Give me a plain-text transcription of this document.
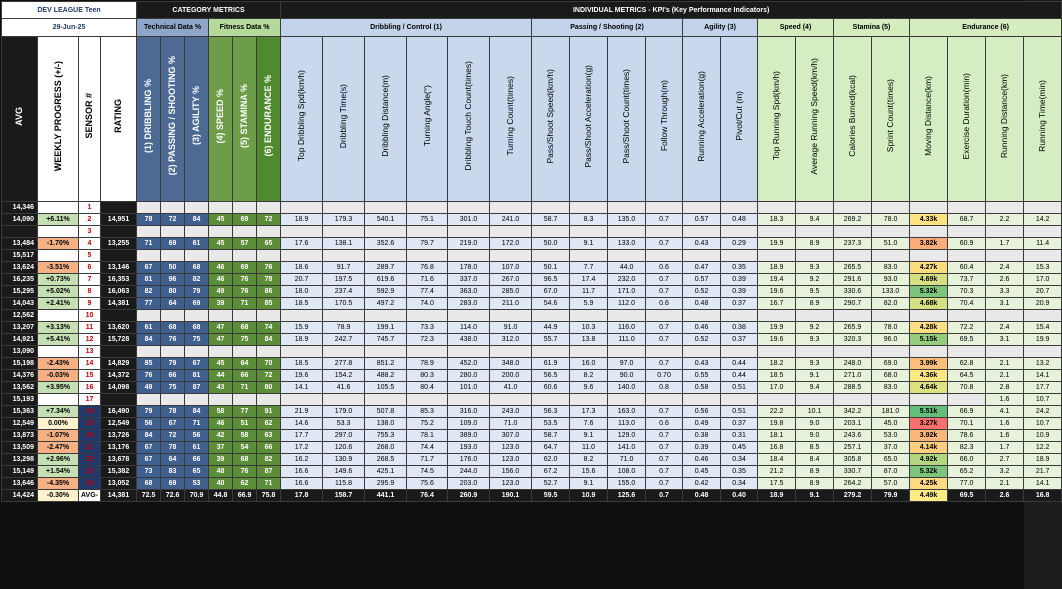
DEV LEAGUE Teen				CATEGORY METRICS						INDIVIDUAL METRICS - KPI's (Key Performance Indicators)																			
29-Jun-25				Technical Data %			Fitness Data %			Dribbling / Control (1)						Passing / Shooting (2)				Agility (3)		Speed (4)		Stamina (5)		Endurance (6)			
AVG	WEEKLY PROGRESS (+/-)	SENSOR #	RATING	(1) DRIBBLING %	(2) PASSING / SHOOTING %	(3) AGILITY %	(4) SPEED %	(5) STAMINA %	(6) ENDURANCE %	Top Dribbling Spd(km/h)	Dribbling Time(s)	Dribbling Distance(m)	Turning Angle(°)	Dribbling Touch Count(times)	Turning Count(times)	Pass/Shoot Speed(km/h)	Pass/Shoot Acceleration(g)	Pass/Shoot Count(times)	Follow Through(m)	Running Acceleration(g)	Pivot/Cut (m)	Top Running Spd(km/h)	Average Running Speed(km/h)	Calories Burned(kcal)	Sprint Count(times)	Moving Distance(km)	Exercise Duration(min)	Running Distance(km)	Running Time(min)
14,346		1																											
14,090	+6.11%	2	14,951	78	72	84	45	69	72	18.9	179.3	540.1	75.1	301.0	241.0	58.7	8.3	135.0	0.7	0.57	0.48	18.3	9.4	269.2	78.0	4.33k	68.7	2.2	14.2
		3																											
13,484	-1.70%	4	13,255	71	69	61	45	57	65	17.6	138.1	352.6	79.7	219.0	172.0	50.0	9.1	133.0	0.7	0.43	0.29	19.9	8.9	237.3	51.0	3.82k	60.9	1.7	11.4
15,517		5																											
13,624	-3.51%	6	13,146	67	50	68	46	69	76	18.6	91.7	289.7	76.8	178.0	107.0	50.1	7.7	44.0	0.6	0.47	0.35	18.9	9.3	265.5	83.0	4.27k	60.4	2.4	15.3
16,235	+0.73%	7	16,353	81	96	82	46	76	78	20.7	197.5	619.6	71.6	337.0	267.0	96.5	17.4	232.0	0.7	0.57	0.39	19.4	9.2	291.6	93.0	4.69k	73.7	2.6	17.0
15,295	+5.02%	8	16,063	82	80	79	49	76	86	18.0	237.4	592.9	77.4	363.0	285.0	67.0	11.7	171.0	0.7	0.52	0.39	19.6	9.5	330.6	133.0	5.32k	70.3	3.3	20.7
14,043	+2.41%	9	14,381	77	64	69	39	71	85	18.5	170.5	497.2	74.0	283.0	211.0	54.6	5.9	112.0	0.6	0.48	0.37	16.7	8.9	290.7	82.0	4.68k	70.4	3.1	20.9
12,562		10																											
13,207	+3.13%	11	13,620	61	68	68	47	68	74	15.9	78.9	199.1	73.3	114.0	91.0	44.9	10.3	116.0	0.7	0.46	0.38	19.9	9.2	265.9	78.0	4.28k	72.2	2.4	15.4
14,921	+5.41%	12	15,728	84	76	75	47	75	84	18.9	242.7	745.7	72.3	438.0	312.0	55.7	13.8	111.0	0.7	0.52	0.37	19.6	9.3	320.3	96.0	5.15k	69.5	3.1	19.9
13,090		13																											
15,198	-2.43%	14	14,829	85	79	67	45	64	70	18.5	277.8	851.2	78.9	452.0	348.0	61.9	16.0	97.0	0.7	0.43	0.44	18.2	9.3	248.0	69.0	3.99k	62.8	2.1	13.2
14,376	-0.03%	15	14,372	76	66	81	44	66	72	19.6	154.2	488.2	80.3	280.0	200.0	56.5	8.2	90.0	0.70	0.55	0.44	18.5	9.1	271.0	68.0	4.36k	64.5	2.1	14.1
13,562	+3.95%	16	14,098	49	75	87	43	71	80	14.1	41.6	105.5	80.4	101.0	41.0	60.6	9.6	140.0	0.8	0.58	0.51	17.0	9.4	288.5	83.0	4.64k	70.8	2.8	17.7
15,193		17																										1.6	10.7
15,363	+7.34%	18	16,490	79	78	84	58	77	91	21.9	179.0	507.8	85.3	316.0	243.0	56.3	17.3	163.0	0.7	0.56	0.51	22.2	10.1	342.2	181.0	5.51k	66.9	4.1	24.2
12,549	0.00%	19	12,549	56	67	71	46	51	62	14.6	53.3	138.0	75.2	109.0	71.0	53.5	7.6	113.0	0.6	0.49	0.37	19.8	9.0	203.1	45.0	3.27k	70.1	1.6	10.7
13,873	-1.07%	20	13,726	84	72	56	42	58	63	17.7	297.0	755.3	78.1	389.0	307.0	58.7	9.1	129.0	0.7	0.38	0.31	18.1	9.0	243.6	53.0	3.92k	78.6	1.6	10.9
13,509	-2.47%	21	13,176	67	78	61	37	54	66	17.2	120.6	268.0	74.4	193.0	123.0	64.7	11.0	141.0	0.7	0.39	0.45	16.8	8.5	257.1	37.0	4.14k	82.3	1.7	12.2
13,298	+2.96%	22	13,678	67	64	66	39	68	82	16.2	130.9	268.5	71.7	176.0	123.0	62.0	8.2	71.0	0.7	0.46	0.34	18.4	8.4	305.8	65.0	4.92k	66.0	2.7	18.9
15,149	+1.54%	23	15,382	73	83	65	48	76	87	16.6	149.6	425.1	74.5	244.0	156.0	67.2	15.6	108.0	0.7	0.45	0.35	21.2	8.9	330.7	87.0	5.32k	65.2	3.2	21.7
13,646	-4.35%	24	13,052	68	69	53	40	62	71	16.6	115.8	295.9	75.6	203.0	123.0	52.7	9.1	155.0	0.7	0.42	0.34	17.5	8.9	264.2	57.0	4.25k	77.0	2.1	14.1
14,424	-0.30%	AVG-	14,381	72.5	72.6	70.9	44.8	66.9	75.8	17.8	158.7	441.1	76.4	260.9	190.1	59.5	10.9	125.6	0.7	0.48	0.40	18.9	9.1	279.2	79.9	4.49k	69.5	2.6	16.8
